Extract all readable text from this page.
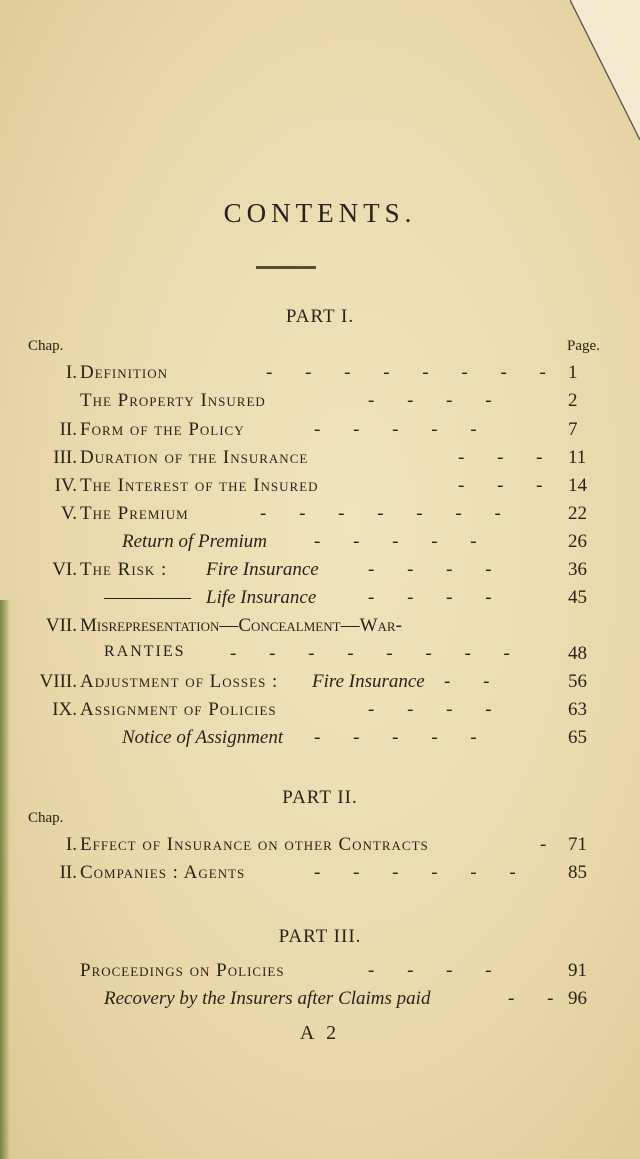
CONTENTS.
PART I.
Chap.	Page.
I. Definition	- - - - - - - - 1
The Property Insured	- - - -	2
II. Form of the Policy	- - - - -	7
III. Duration of the Insurance	- - - 11
IV. The Interest of the Insured	- - - 14
V. The Premium	- - - - - - -	22
Return of Premium - - - - -	26
VI. The Risk : Fire Insurance	- - - -	36
————— Life Insurance	- - - -	45
VII. Misrepresentation—Concealment—War-
RANTIES - - - - - - - - 48
VIII. Adjustment of Losses : Fire Insurance - -	56
IX. Assignment of Policies	- - - -	63
Notice of Assignment - - - - -	65
PART II.
Chap.
I. Effect of Insurance on other Contracts	- 71
II. Companies : Agents	- - - - - - 85
PART III.
Proceedings on Policies	- - - -	91
Recovery by the Insurers after Claims paid	- - 96
A 2
